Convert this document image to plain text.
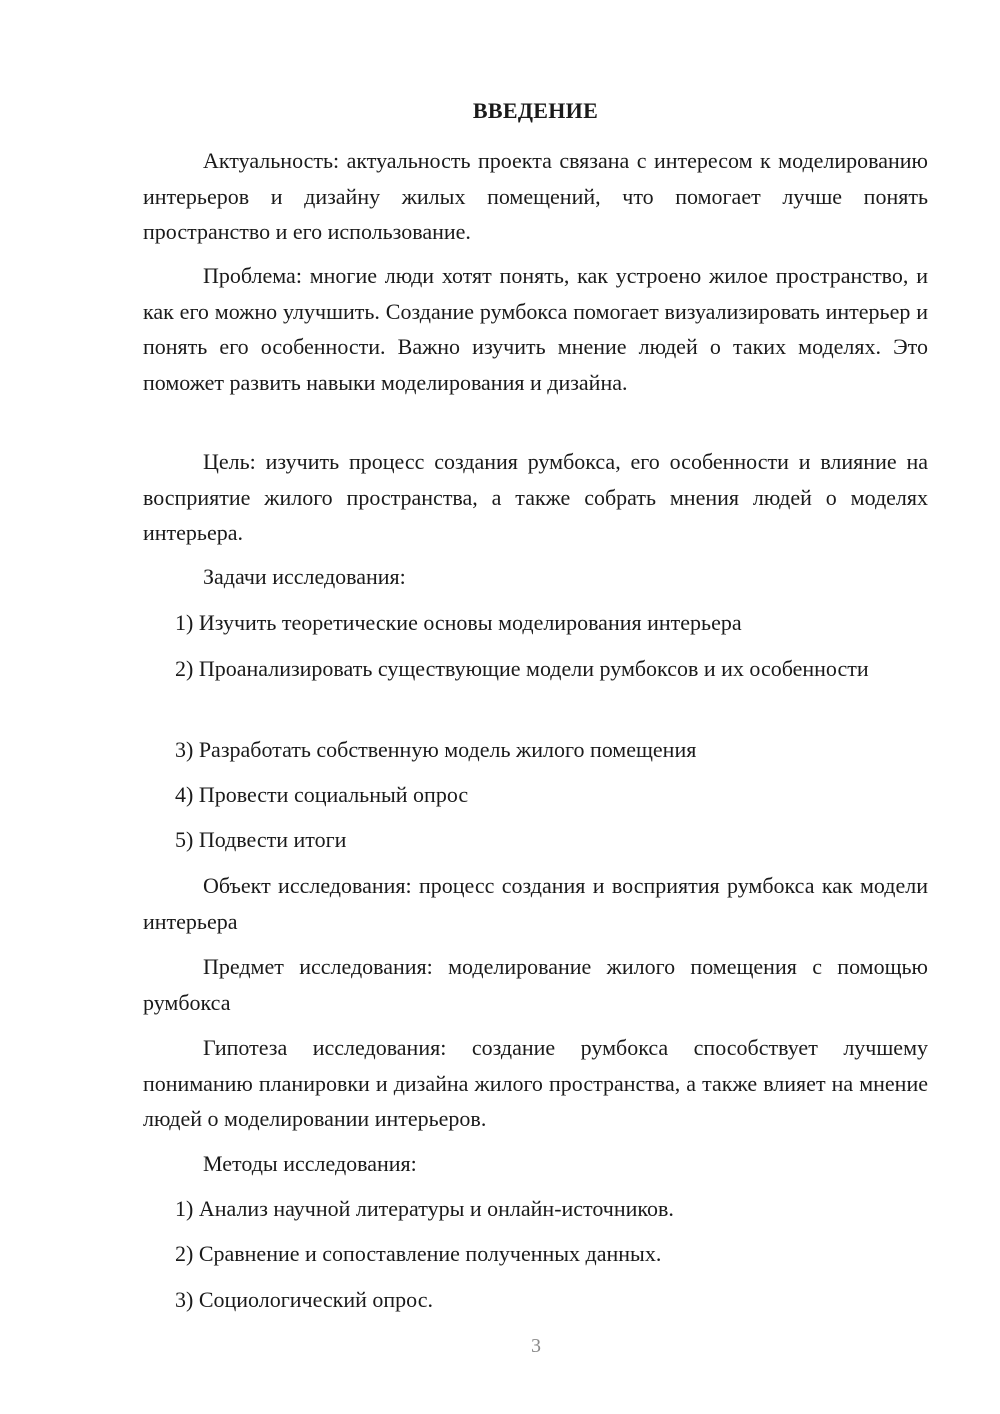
ВВЕДЕНИЕ

Актуальность: актуальность проекта связана с интересом к моделированию интерьеров и дизайну жилых помещений, что помогает лучше понять пространство и его использование.

Проблема: многие люди хотят понять, как устроено жилое пространство, и как его можно улучшить. Создание румбокса помогает визуализировать интерьер и понять его особенности. Важно изучить мнение людей о таких моделях. Это поможет развить навыки моделирования и дизайна.

Цель: изучить процесс создания румбокса, его особенности и влияние на восприятие жилого пространства, а также собрать мнения людей о моделях интерьера.

Задачи исследования:

1) Изучить теоретические основы моделирования интерьера

2) Проанализировать существующие модели румбоксов и их особенности

3) Разработать собственную модель жилого помещения

4) Провести социальный опрос

5) Подвести итоги

Объект исследования: процесс создания и восприятия румбокса как модели интерьера

Предмет исследования: моделирование жилого помещения с помощью румбокса

Гипотеза исследования: создание румбокса способствует лучшему пониманию планировки и дизайна жилого пространства, а также влияет на мнение людей о моделировании интерьеров.

Методы исследования:

1) Анализ научной литературы и онлайн-источников.

2) Сравнение и сопоставление полученных данных.

3) Социологический опрос.

3
